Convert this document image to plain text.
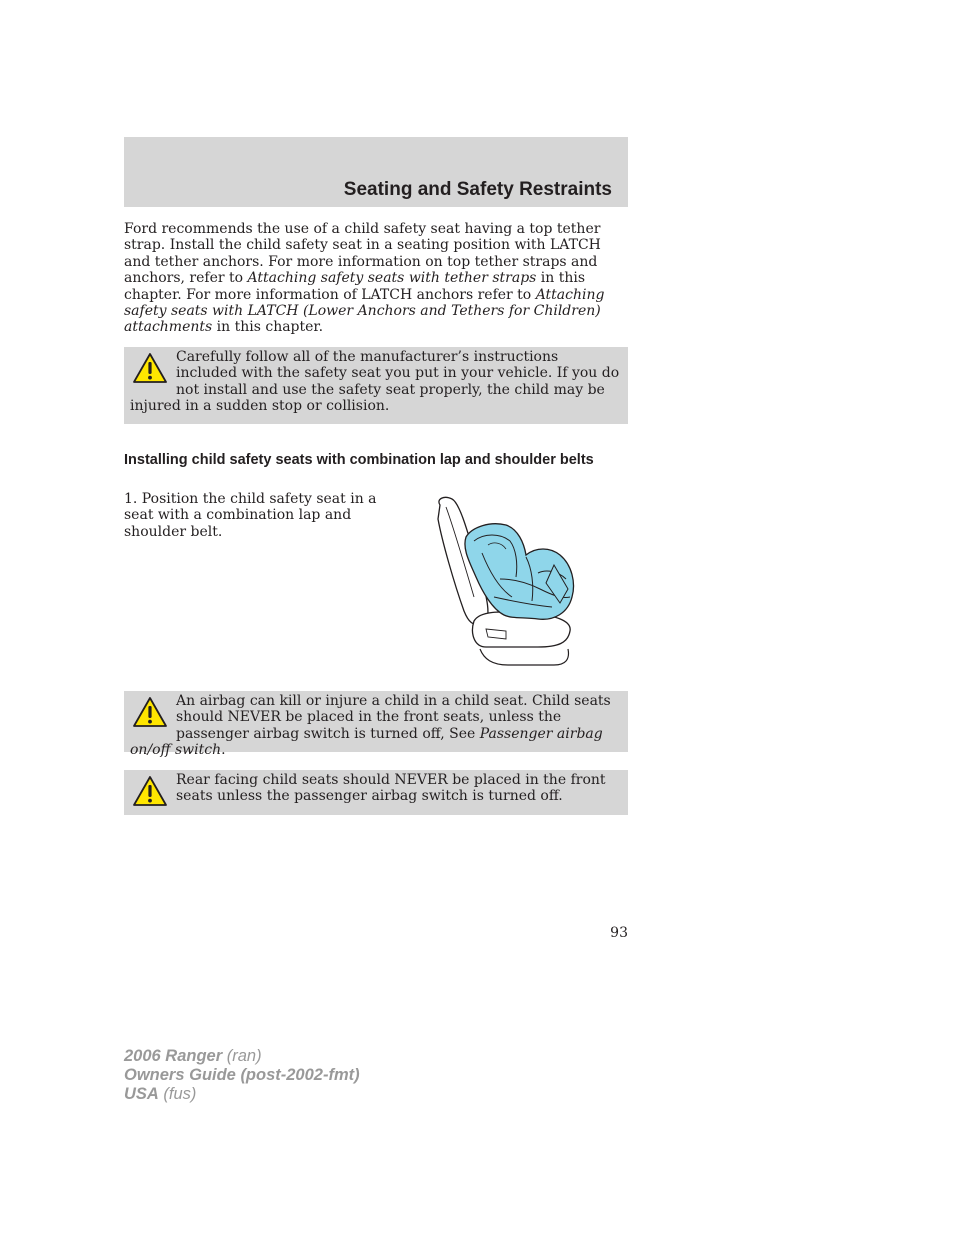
Seating and Safety Restraints

Ford recommends the use of a child safety seat having a top tether strap. Install the child safety seat in a seating position with LATCH and tether anchors. For more information on top tether straps and anchors, refer to Attaching safety seats with tether straps in this chapter. For more information of LATCH anchors refer to Attaching safety seats with LATCH (Lower Anchors and Tethers for Children) attachments in this chapter.

Carefully follow all of the manufacturer’s instructions included with the safety seat you put in your vehicle. If you do not install and use the safety seat properly, the child may be injured in a sudden stop or collision.
Installing child safety seats with combination lap and shoulder belts
1. Position the child safety seat in a seat with a combination lap and shoulder belt.
An airbag can kill or injure a child in a child seat. Child seats should NEVER be placed in the front seats, unless the passenger airbag switch is turned off, See Passenger airbag on/off switch.
Rear facing child seats should NEVER be placed in the front seats unless the passenger airbag switch is turned off.
93
2006 Ranger (ran)
Owners Guide (post-2002-fmt)
USA (fus)
